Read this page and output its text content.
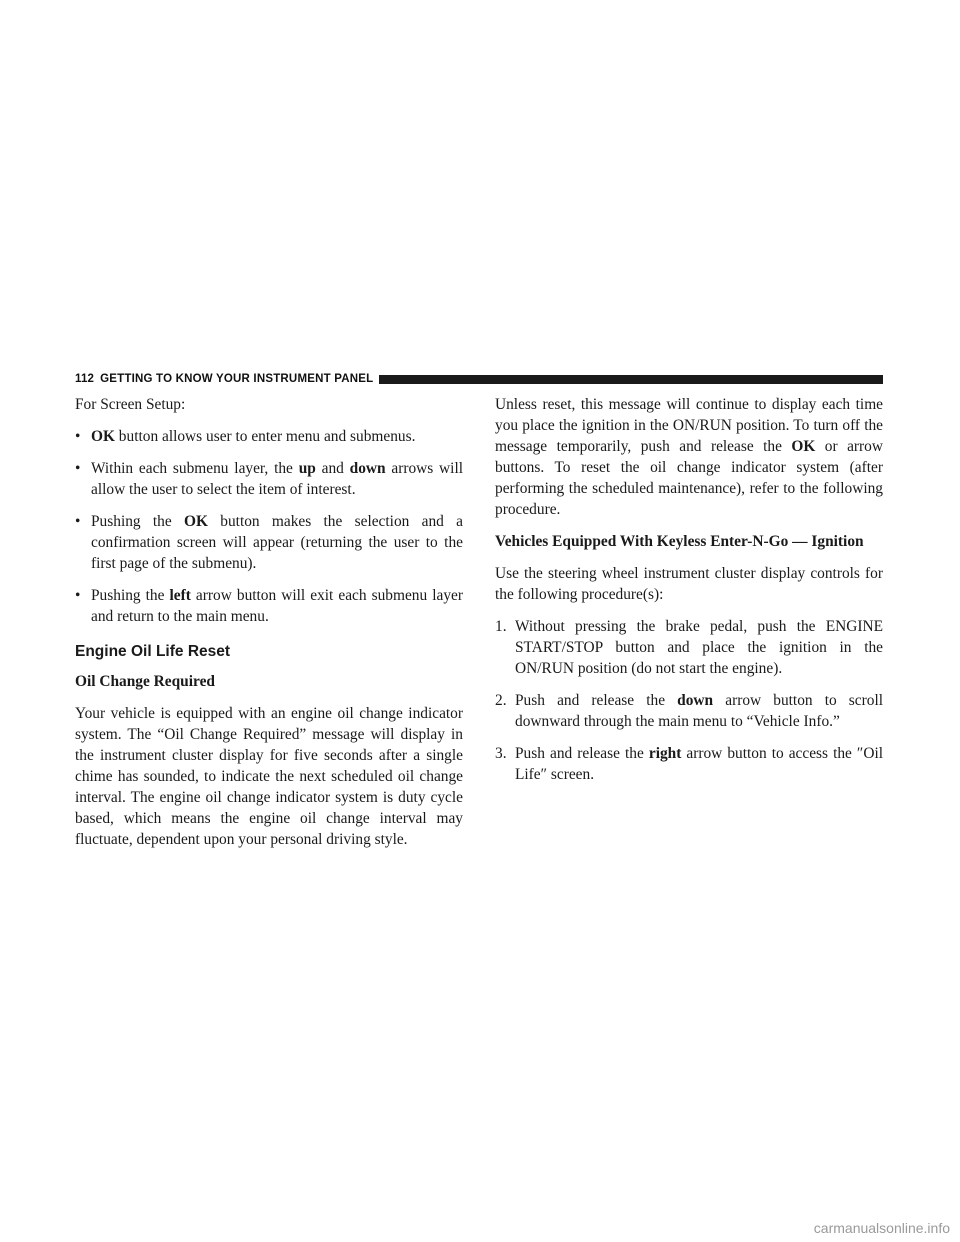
112 GETTING TO KNOW YOUR INSTRUMENT PANEL

For Screen Setup:

• OK button allows user to enter menu and submenus.
• Within each submenu layer, the up and down arrows will allow the user to select the item of interest.
• Pushing the OK button makes the selection and a confirmation screen will appear (returning the user to the first page of the submenu).
• Pushing the left arrow button will exit each submenu layer and return to the main menu.
Engine Oil Life Reset
Oil Change Required

Your vehicle is equipped with an engine oil change indicator system. The “Oil Change Required” message will display in the instrument cluster display for five seconds after a single chime has sounded, to indicate the next scheduled oil change interval. The engine oil change indicator system is duty cycle based, which means the engine oil change interval may fluctuate, dependent upon your personal driving style.

Unless reset, this message will continue to display each time you place the ignition in the ON/RUN position. To turn off the message temporarily, push and release the OK or arrow buttons. To reset the oil change indicator system (after performing the scheduled maintenance), refer to the following procedure.

Vehicles Equipped With Keyless Enter-N-Go — Ignition

Use the steering wheel instrument cluster display controls for the following procedure(s):

1. Without pressing the brake pedal, push the ENGINE START/STOP button and place the ignition in the ON/RUN position (do not start the engine).
2. Push and release the down arrow button to scroll downward through the main menu to “Vehicle Info.”
3. Push and release the right arrow button to access the ″Oil Life″ screen.
carmanualsonline.info
